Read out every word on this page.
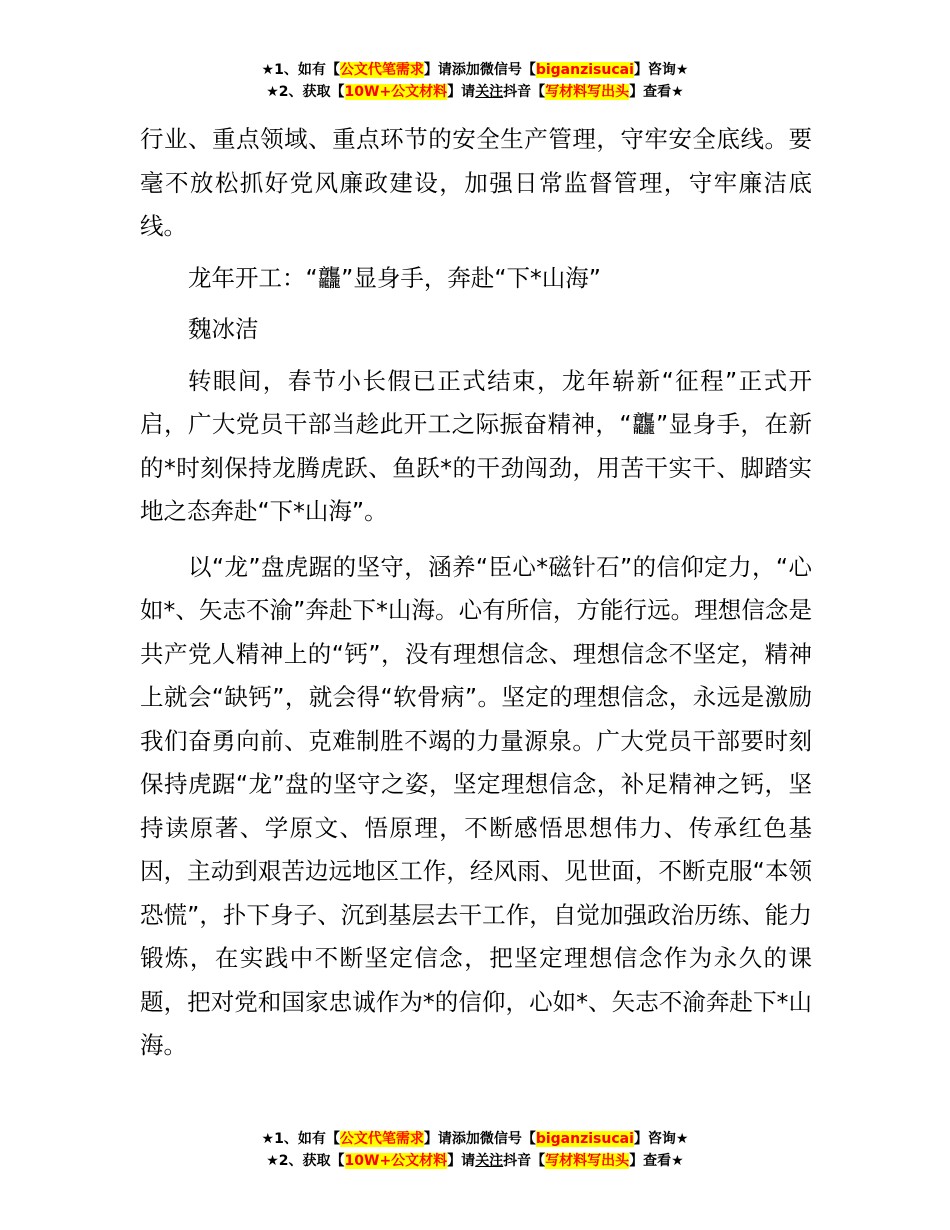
★1、如有【公文代笔需求】请添加微信号【biganzisucai】咨询★
★2、获取【10W+公文材料】请关注抖音【写材料写出头】查看★

行业、重点领域、重点环节的安全生产管理，守牢安全底线。要毫不放松抓好党风廉政建设，加强日常监督管理，守牢廉洁底线。

龙年开工：“龘”显身手，奔赴“下*山海”

魏冰洁

转眼间，春节小长假已正式结束，龙年崭新“征程”正式开启，广大党员干部当趁此开工之际振奋精神，“龘”显身手，在新的*时刻保持龙腾虎跃、鱼跃*的干劲闯劲，用苦干实干、脚踏实地之态奔赴“下*山海”。

以“龙”盘虎踞的坚守，涵养“臣心*磁针石”的信仰定力，“心如*、矢志不渝”奔赴下*山海。心有所信，方能行远。理想信念是共产党人精神上的“钙”，没有理想信念、理想信念不坚定，精神上就会“缺钙”，就会得“软骨病”。坚定的理想信念，永远是激励我们奋勇向前、克难制胜不竭的力量源泉。广大党员干部要时刻保持虎踞“龙”盘的坚守之姿，坚定理想信念，补足精神之钙，坚持读原著、学原文、悟原理，不断感悟思想伟力、传承红色基因，主动到艰苦边远地区工作，经风雨、见世面，不断克服“本领恐慌”，扑下身子、沉到基层去干工作，自觉加强政治历练、能力锻炼，在实践中不断坚定信念，把坚定理想信念作为永久的课题，把对党和国家忠诚作为*的信仰，心如*、矢志不渝奔赴下*山海。

★1、如有【公文代笔需求】请添加微信号【biganzisucai】咨询★
★2、获取【10W+公文材料】请关注抖音【写材料写出头】查看★
